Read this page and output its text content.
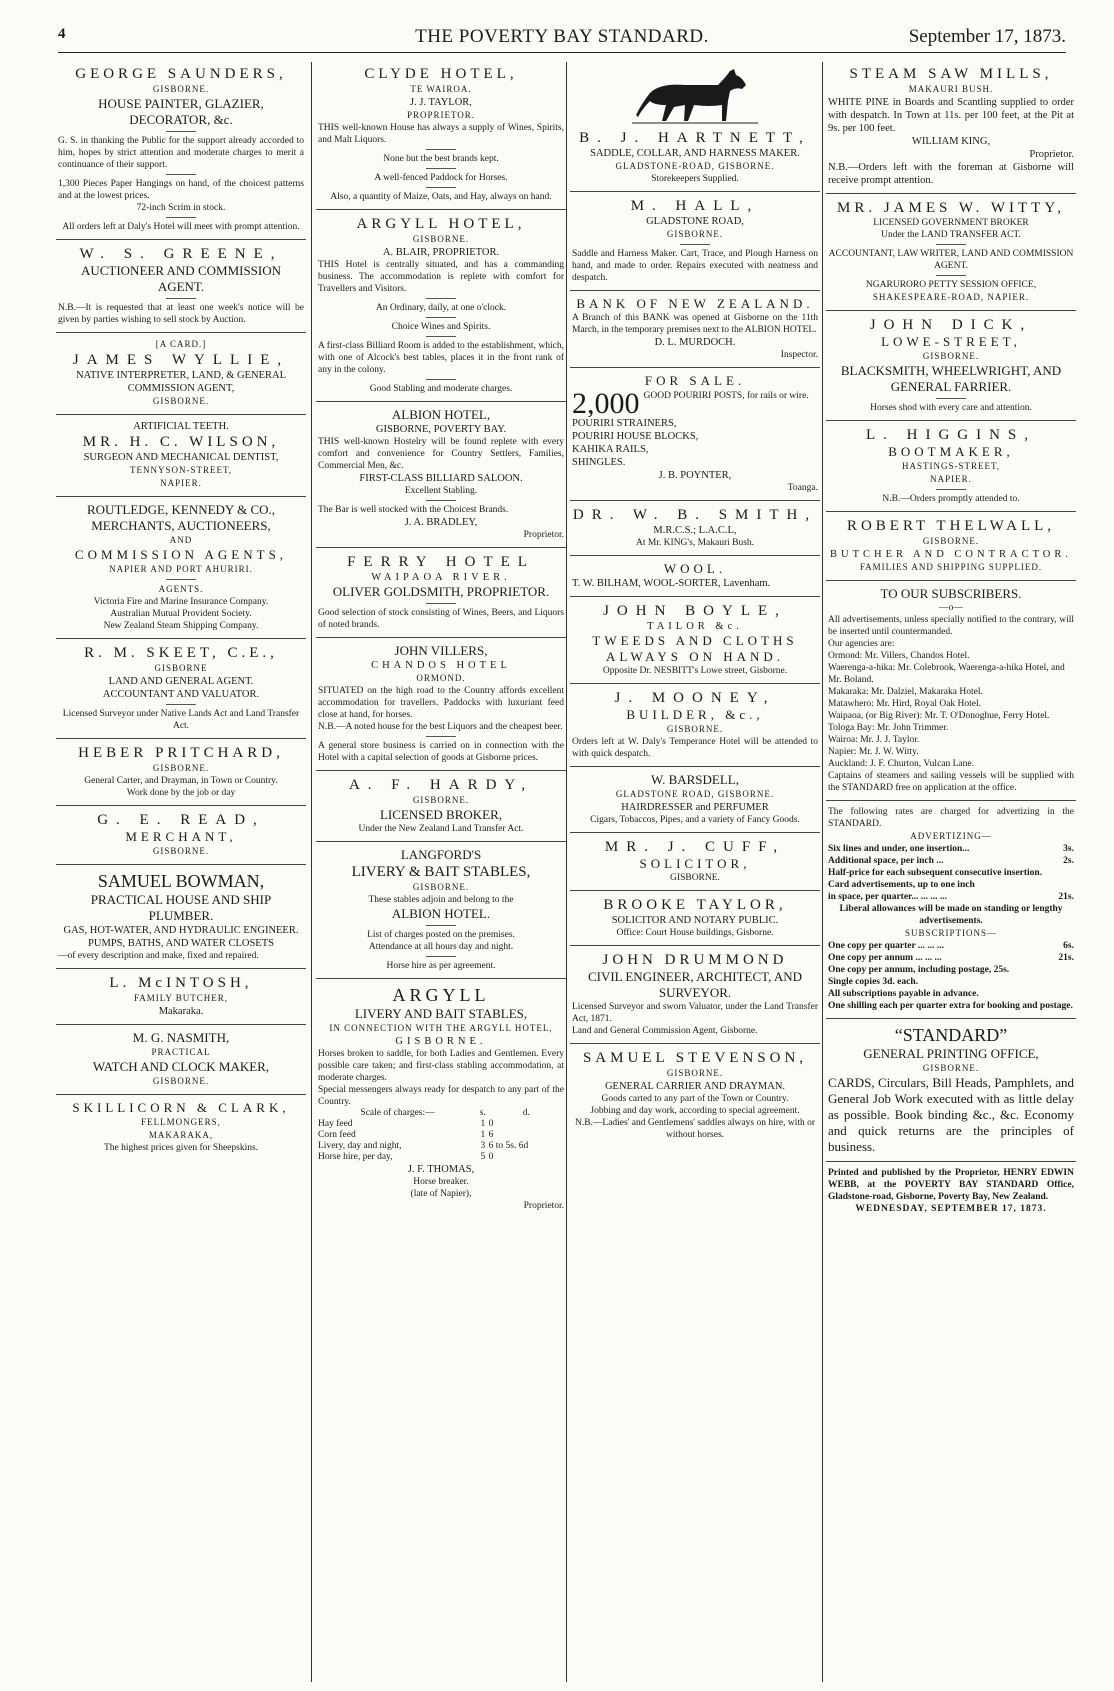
4	THE POVERTY BAY STANDARD.	September 17, 1873.
GEORGE SAUNDERS,
GISBORNE.
HOUSE PAINTER, GLAZIER, DECORATOR, &c.
G. S. in thanking the Public for the support already accorded to him, hopes by strict attention and moderate charges to merit a continuance of their support.
1,300 Pieces Paper Hangings on hand, of the choicest patterns and at the lowest prices.
72-inch Scrim in stock.
All orders left at Daly's Hotel will meet with prompt attention.
W. S. GREENE,
AUCTIONEER AND COMMISSION AGENT.
N.B.—It is requested that at least one week's notice will be given by parties wishing to sell stock by Auction.
[A CARD.]
JAMES WYLLIE,
NATIVE INTERPRETER, LAND, & GENERAL COMMISSION AGENT,
GISBORNE.
ARTIFICIAL TEETH.
MR. H. C. WILSON,
SURGEON AND MECHANICAL DENTIST,
TENNYSON-STREET,
NAPIER.
ROUTLEDGE, KENNEDY & CO.,
MERCHANTS, AUCTIONEERS,
AND
COMMISSION AGENTS,
NAPIER AND PORT AHURIRI.
AGENTS.
Victoria Fire and Marine Insurance Company.
Australian Mutual Provident Society.
New Zealand Steam Shipping Company.
R. M. SKEET, C.E.,
GISBORNE
LAND AND GENERAL AGENT.
ACCOUNTANT AND VALUATOR.
Licensed Surveyor under Native Lands Act and Land Transfer Act.
HEBER PRITCHARD,
GISBORNE.
General Carter, and Drayman, in Town or Country.
Work done by the job or day
G. E. READ,
MERCHANT,
GISBORNE.
SAMUEL BOWMAN,
PRACTICAL HOUSE AND SHIP PLUMBER.
GAS, HOT-WATER, AND HYDRAULIC ENGINEER.
PUMPS, BATHS, AND WATER CLOSETS
—of every description and make, fixed and repaired.
L. McINTOSH,
FAMILY BUTCHER,
Makaraka.
M. G. NASMITH,
PRACTICAL
WATCH AND CLOCK MAKER,
GISBORNE.
SKILLICORN & CLARK,
FELLMONGERS,
MAKARAKA,
The highest prices given for Sheepskins.
CLYDE HOTEL,
TE WAIROA.
J. J. TAYLOR,
PROPRIETOR.
THIS well-known House has always a supply of Wines, Spirits, and Malt Liquors.
None but the best brands kept.
A well-fenced Paddock for Horses.
Also, a quantity of Maize, Oats, and Hay, always on hand.
ARGYLL HOTEL,
GISBORNE.
A. BLAIR, PROPRIETOR.
THIS Hotel is centrally situated, and has a commanding business. The accommodation is replete with comfort for Travellers and Visitors.
An Ordinary, daily, at one o'clock.
Choice Wines and Spirits.
A first-class Billiard Room is added to the establishment, which, with one of Alcock's best tables, places it in the front rank of any in the colony.
Good Stabling and moderate charges.
ALBION HOTEL,
GISBORNE, POVERTY BAY.
THIS well-known Hostelry will be found replete with every comfort and convenience for Country Settlers, Families, Commercial Men, &c.
FIRST-CLASS BILLIARD SALOON.
Excellent Stabling.
The Bar is well stocked with the Choicest Brands.
J. A. BRADLEY,
Proprietor.
FERRY HOTEL
WAIPAOA RIVER.
OLIVER GOLDSMITH, PROPRIETOR.
Good selection of stock consisting of Wines, Beers, and Liquors of noted brands.
JOHN VILLERS,
CHANDOS HOTEL
ORMOND.
SITUATED on the high road to the Country affords excellent accommodation for travellers. Paddocks with luxuriant feed close at hand, for horses.
N.B.—A noted house for the best Liquors and the cheapest beer.
A general store business is carried on in connection with the Hotel with a capital selection of goods at Gisborne prices.
A. F. HARDY,
GISBORNE.
LICENSED BROKER,
Under the New Zealand Land Transfer Act.
LANGFORD'S
LIVERY & BAIT STABLES,
GISBORNE.
These stables adjoin and belong to the
ALBION HOTEL.
List of charges posted on the premises.
Attendance at all hours day and night.
Horse hire as per agreement.
ARGYLL
LIVERY AND BAIT STABLES,
IN CONNECTION WITH THE ARGYLL HOTEL,
GISBORNE.
Horses broken to saddle, for both Ladies and Gentlemen. Every possible care taken; and first-class stabling accommodation, at moderate charges.
Special messengers always ready for despatch to any part of the Country.
Scale of charges:—	s.	d.
Hay feed	1	0
Corn feed	1	6
Livery, day and night,	3	6 to 5s. 6d
Horse hire, per day,	5	0
J. F. THOMAS,
Horse breaker.
(late of Napier),
Proprietor.
B. J. HARTNETT,
SADDLE, COLLAR, AND HARNESS MAKER.
GLADSTONE-ROAD, GISBORNE.
Storekeepers Supplied.
M. HALL,
GLADSTONE ROAD,
GISBORNE.
Saddle and Harness Maker. Cart, Trace, and Plough Harness on hand, and made to order. Repairs executed with neatness and despatch.
BANK OF NEW ZEALAND.
A Branch of this BANK was opened at Gisborne on the 11th March, in the temporary premises next to the ALBION HOTEL.
D. L. MURDOCH.
Inspector.
FOR SALE.
2,000 GOOD POURIRI POSTS, for rails or wire.
POURIRI STRAINERS,
POURIRI HOUSE BLOCKS,
KAHIKA RAILS,
SHINGLES.
J. B. POYNTER,
Toanga.
DR. W. B. SMITH,
M.R.C.S.; L.A.C.L,
At Mr. KING's, Makauri Bush.
WOOL.
T. W. BILHAM, WOOL-SORTER, Lavenham.
JOHN BOYLE,
TAILOR &c.
TWEEDS AND CLOTHS ALWAYS ON HAND.
Opposite Dr. NESBITT's Lowe street, Gisborne.
J. MOONEY,
BUILDER, &c.,
GISBORNE.
Orders left at W. Daly's Temperance Hotel will be attended to with quick despatch.
W. BARSDELL,
GLADSTONE ROAD, GISBORNE.
HAIRDRESSER and PERFUMER
Cigars, Tobaccos, Pipes, and a variety of Fancy Goods.
MR. J. CUFF,
SOLICITOR,
GISBORNE.
BROOKE TAYLOR,
SOLICITOR AND NOTARY PUBLIC.
Office: Court House buildings, Gisborne.
JOHN DRUMMOND
CIVIL ENGINEER, ARCHITECT, AND SURVEYOR.
Licensed Surveyor and sworn Valuator, under the Land Transfer Act, 1871.
Land and General Commission Agent, Gisborne.
SAMUEL STEVENSON,
GISBORNE.
GENERAL CARRIER AND DRAYMAN.
Goods carted to any part of the Town or Country.
Jobbing and day work, according to special agreement.
N.B.—Ladies' and Gentlemens' saddles always on hire, with or without horses.
STEAM SAW MILLS,
MAKAURI BUSH.
WHITE PINE in Boards and Scantling supplied to order with despatch. In Town at 11s. per 100 feet, at the Pit at 9s. per 100 feet.
WILLIAM KING,
Proprietor.
N.B.—Orders left with the foreman at Gisborne will receive prompt attention.
MR. JAMES W. WITTY,
LICENSED GOVERNMENT BROKER
Under the LAND TRANSFER ACT.
ACCOUNTANT, LAW WRITER, LAND AND COMMISSION AGENT.
NGARURORO PETTY SESSION OFFICE,
SHAKESPEARE-ROAD, NAPIER.
JOHN DICK,
LOWE-STREET,
GISBORNE.
BLACKSMITH, WHEELWRIGHT, AND GENERAL FARRIER.
Horses shod with every care and attention.
L. HIGGINS,
BOOTMAKER,
HASTINGS-STREET,
NAPIER.
N.B.—Orders promptly attended to.
ROBERT THELWALL,
GISBORNE.
BUTCHER AND CONTRACTOR.
FAMILIES AND SHIPPING SUPPLIED.
TO OUR SUBSCRIBERS.
—o—
All advertisements, unless specially notified to the contrary, will be inserted until countermanded.
Our agencies are:
Ormond: Mr. Villers, Chandos Hotel.
Waerenga-a-hika: Mr. Colebrook, Waerenga-a-hika Hotel, and Mr. Boland.
Makaraka: Mr. Dalziel, Makaraka Hotel.
Matawhero: Mr. Hird, Royal Oak Hotel.
Waipaoa, (or Big River): Mr. T. O'Donoghue, Ferry Hotel.
Tologa Bay: Mr. John Trimmer.
Wairoa: Mr. J. J. Taylor.
Napier: Mr. J. W. Witty.
Auckland: J. F. Churton, Vulcan Lane.
Captains of steamers and sailing vessels will be supplied with the STANDARD free on application at the office.
The following rates are charged for advertizing in the STANDARD.
ADVERTIZING—
Six lines and under, one insertion...	3s.
Additional space, per inch ...	2s.
Half-price for each subsequent consecutive insertion.
Card advertisements, up to one inch
in space, per quarter... ... ... ...	21s.
Liberal allowances will be made on standing or lengthy advertisements.
SUBSCRIPTIONS—
One copy per quarter ... ... ...	6s.
One copy per annum ... ... ...	21s.
One copy per annum, including postage, 25s.
Single copies 3d. each.
All subscriptions payable in advance.
One shilling each per quarter extra for booking and postage.
“STANDARD”
GENERAL PRINTING OFFICE,
GISBORNE.
CARDS, Circulars, Bill Heads, Pamphlets, and General Job Work executed with as little delay as possible. Book binding &c., &c. Economy and quick returns are the principles of business.
Printed and published by the Proprietor, HENRY EDWIN WEBB, at the POVERTY BAY STANDARD Office, Gladstone-road, Gisborne, Poverty Bay, New Zealand.
WEDNESDAY, SEPTEMBER 17, 1873.
